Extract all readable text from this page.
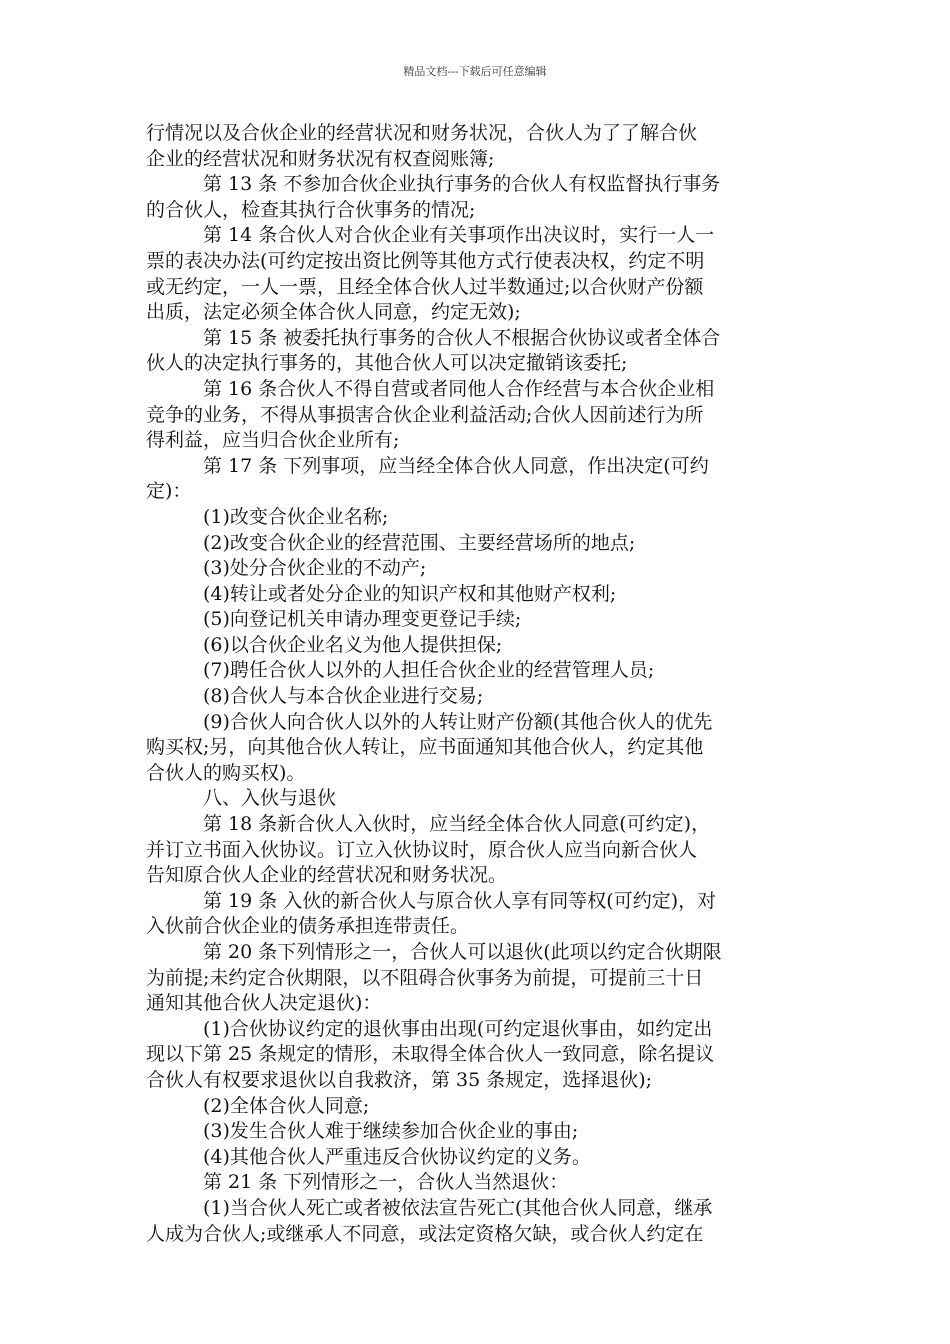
精品文档---下载后可任意编辑
行情况以及合伙企业的经营状况和财务状况，合伙人为了了解合伙
企业的经营状况和财务状况有权查阅账簿;
第 13 条 不参加合伙企业执行事务的合伙人有权监督执行事务
的合伙人，检查其执行合伙事务的情况;
第 14 条合伙人对合伙企业有关事项作出决议时，实行一人一
票的表决办法(可约定按出资比例等其他方式行使表决权，约定不明
或无约定，一人一票，且经全体合伙人过半数通过;以合伙财产份额
出质，法定必须全体合伙人同意，约定无效);
第 15 条 被委托执行事务的合伙人不根据合伙协议或者全体合
伙人的决定执行事务的，其他合伙人可以决定撤销该委托;
第 16 条合伙人不得自营或者同他人合作经营与本合伙企业相
竞争的业务，不得从事损害合伙企业利益活动;合伙人因前述行为所
得利益，应当归合伙企业所有;
第 17 条 下列事项，应当经全体合伙人同意，作出决定(可约
定)：
(1)改变合伙企业名称;
(2)改变合伙企业的经营范围、主要经营场所的地点;
(3)处分合伙企业的不动产;
(4)转让或者处分企业的知识产权和其他财产权利;
(5)向登记机关申请办理变更登记手续;
(6)以合伙企业名义为他人提供担保;
(7)聘任合伙人以外的人担任合伙企业的经营管理人员;
(8)合伙人与本合伙企业进行交易;
(9)合伙人向合伙人以外的人转让财产份额(其他合伙人的优先
购买权;另，向其他合伙人转让，应书面通知其他合伙人，约定其他
合伙人的购买权)。
八、入伙与退伙
第 18 条新合伙人入伙时，应当经全体合伙人同意(可约定)，
并订立书面入伙协议。订立入伙协议时，原合伙人应当向新合伙人
告知原合伙人企业的经营状况和财务状况。
第 19 条 入伙的新合伙人与原合伙人享有同等权(可约定)，对
入伙前合伙企业的债务承担连带责任。
第 20 条下列情形之一，合伙人可以退伙(此项以约定合伙期限
为前提;未约定合伙期限，以不阻碍合伙事务为前提，可提前三十日
通知其他合伙人决定退伙)：
(1)合伙协议约定的退伙事由出现(可约定退伙事由，如约定出
现以下第 25 条规定的情形，未取得全体合伙人一致同意，除名提议
合伙人有权要求退伙以自我救济，第 35 条规定，选择退伙);
(2)全体合伙人同意;
(3)发生合伙人难于继续参加合伙企业的事由;
(4)其他合伙人严重违反合伙协议约定的义务。
第 21 条 下列情形之一，合伙人当然退伙：
(1)当合伙人死亡或者被依法宣告死亡(其他合伙人同意，继承
人成为合伙人;或继承人不同意，或法定资格欠缺，或合伙人约定在
